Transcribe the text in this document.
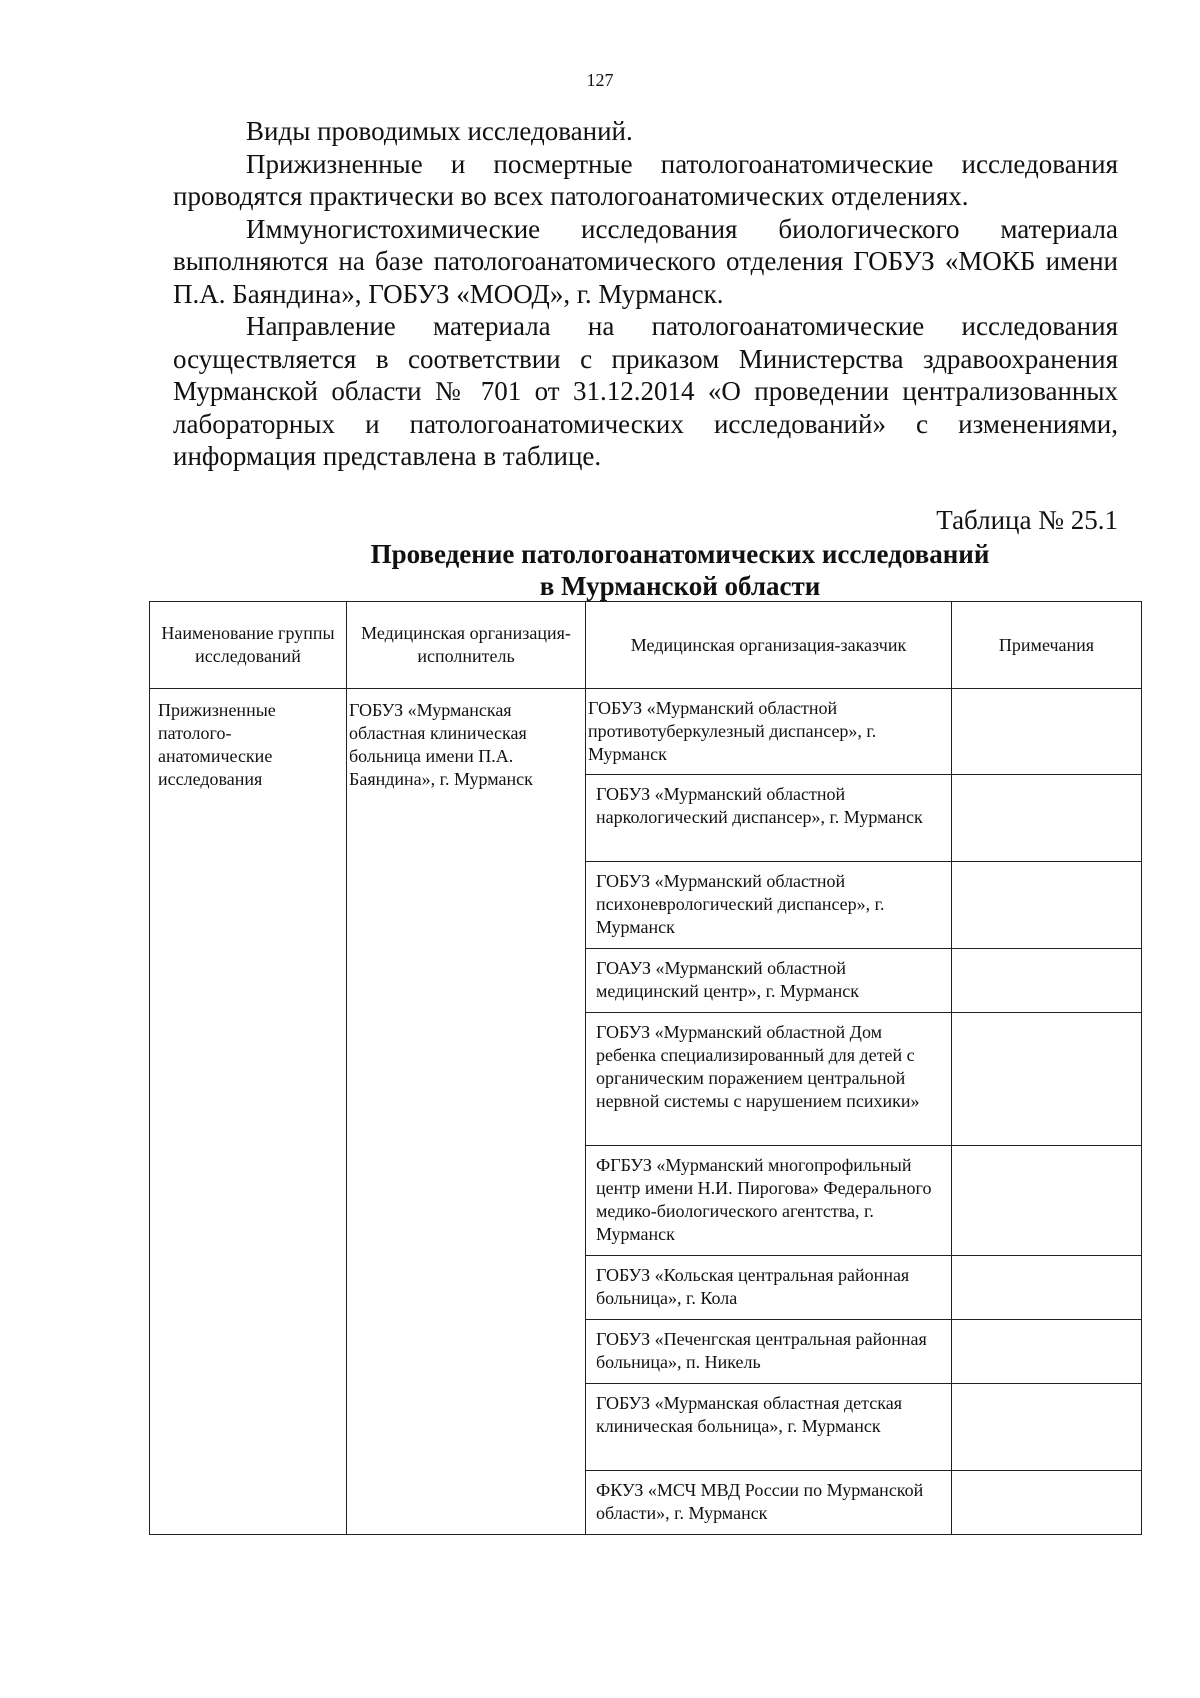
127

Виды проводимых исследований.

Прижизненные и посмертные патологоанатомические исследования проводятся практически во всех патологоанатомических отделениях.

Иммуногистохимические исследования биологического материала выполняются на базе патологоанатомического отделения ГОБУЗ «МОКБ имени П.А. Баяндина», ГОБУЗ «МООД», г. Мурманск.

Направление материала на патологоанатомические исследования осуществляется в соответствии с приказом Министерства здравоохранения Мурманской области № 701 от 31.12.2014 «О проведении централизованных лабораторных и патологоанатомических исследований» с изменениями, информация представлена в таблице.

Таблица № 25.1
Проведение патологоанатомических исследований
в Мурманской области
Наименование группы исследований	Медицинская организация-исполнитель	Медицинская организация-заказчик	Примечания
Прижизненные патолого-анатомические исследования	ГОБУЗ «Мурманская областная клиническая больница имени П.А. Баяндина», г. Мурманск	ГОБУЗ «Мурманский областной противотуберкулезный диспансер», г. Мурманск	
		ГОБУЗ «Мурманский областной наркологический диспансер», г. Мурманск	
		ГОБУЗ «Мурманский областной психоневрологический диспансер», г. Мурманск	
		ГОАУЗ «Мурманский областной медицинский центр», г. Мурманск	
		ГОБУЗ «Мурманский областной Дом ребенка специализированный для детей с органическим поражением центральной нервной системы с нарушением психики»	
		ФГБУЗ «Мурманский многопрофильный центр имени Н.И. Пирогова» Федерального медико-биологического агентства, г. Мурманск	
		ГОБУЗ «Кольская центральная районная больница», г. Кола	
		ГОБУЗ «Печенгская центральная районная больница», п. Никель	
		ГОБУЗ «Мурманская областная детская клиническая больница», г. Мурманск	
		ФКУЗ «МСЧ МВД России по Мурманской области», г. Мурманск	
